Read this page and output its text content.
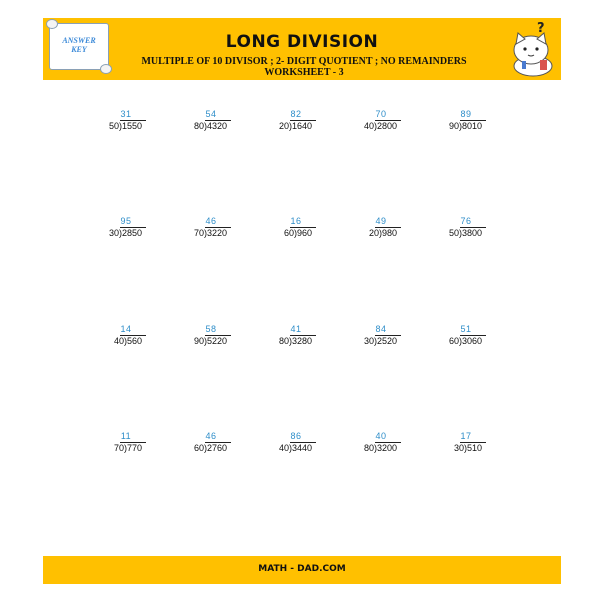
ANSWER
KEY	LONG DIVISION
MULTIPLE OF 10 DIVISOR ; 2- DIGIT QUOTIENT ; NO REMAINDERS
WORKSHEET - 3
?
31
50)1550
54
80)4320
82
20)1640
70
40)2800
89
90)8010
95
30)2850
46
70)3220
16
60)960
49
20)980
76
50)3800
14
40)560
58
90)5220
41
80)3280
84
30)2520
51
60)3060
11
70)770
46
60)2760
86
40)3440
40
80)3200
17
30)510
MATH - DAD.COM
